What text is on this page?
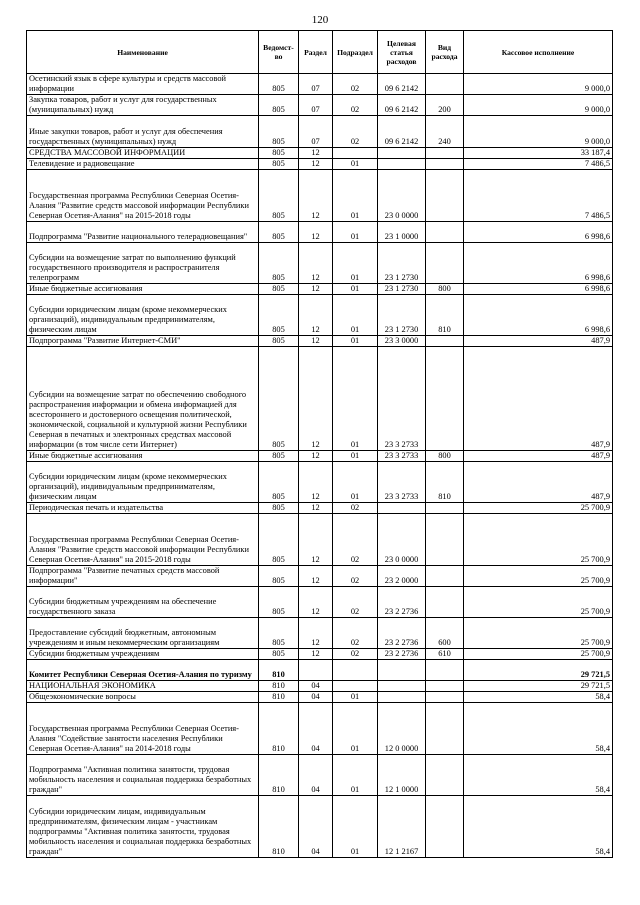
120
Наименование	Ведомст-во	Раздел	Подраздел	Целевая статья расходов	Вид расхода	Кассовое исполнение
Осетинский язык в сфере культуры и средств массовой информации	805	07	02	09 6 2142		9 000,0
Закупка товаров, работ и услуг для государственных (муниципальных) нужд	805	07	02	09 6 2142	200	9 000,0
Иные закупки товаров, работ и услуг для обеспечения государственных (муниципальных) нужд	805	07	02	09 6 2142	240	9 000,0
СРЕДСТВА МАССОВОЙ ИНФОРМАЦИИ	805	12				33 187,4
Телевидение и радиовещание	805	12	01			7 486,5
Государственная программа Республики Северная Осетия-Алания "Развитие средств массовой информации Республики Северная Осетия-Алания" на 2015-2018 годы	805	12	01	23 0 0000		7 486,5
Подпрограмма "Развитие национального телерадиовещания"	805	12	01	23 1 0000		6 998,6
Субсидии на возмещение затрат по выполнению функций государственного производителя и распространителя телепрограмм	805	12	01	23 1 2730		6 998,6
Иные бюджетные ассигнования	805	12	01	23 1 2730	800	6 998,6
Субсидии юридическим лицам (кроме некоммерческих организаций), индивидуальным предпринимателям, физическим лицам	805	12	01	23 1 2730	810	6 998,6
Подпрограмма "Развитие Интернет-СМИ"	805	12	01	23 3 0000		487,9
Субсидии на возмещение затрат по обеспечению свободного распространения информации и обмена информацией для всестороннего и достоверного освещения политической, экономической, социальной и культурной жизни Республики Северная в печатных и электронных средствах массовой информации (в том числе сети Интернет)	805	12	01	23 3 2733		487,9
Иные бюджетные ассигнования	805	12	01	23 3 2733	800	487,9
Субсидии юридическим лицам (кроме некоммерческих организаций), индивидуальным предпринимателям, физическим лицам	805	12	01	23 3 2733	810	487,9
Периодическая печать и издательства	805	12	02			25 700,9
Государственная программа Республики Северная Осетия-Алания "Развитие средств массовой информации Республики Северная Осетия-Алания" на 2015-2018 годы	805	12	02	23 0 0000		25 700,9
Подпрограмма "Развитие печатных средств массовой информации"	805	12	02	23 2 0000		25 700,9
Субсидии бюджетным учреждениям на обеспечение государственного заказа	805	12	02	23 2 2736		25 700,9
Предоставление субсидий бюджетным, автономным учреждениям и иным некоммерческим организациям	805	12	02	23 2 2736	600	25 700,9
Субсидии бюджетным учреждениям	805	12	02	23 2 2736	610	25 700,9
Комитет Республики Северная Осетия-Алания по туризму	810					29 721,5
НАЦИОНАЛЬНАЯ ЭКОНОМИКА	810	04				29 721,5
Общеэкономические вопросы	810	04	01			58,4
Государственная программа Республики Северная Осетия-Алания "Содействие занятости населения Республики Северная Осетия-Алания" на 2014-2018 годы	810	04	01	12 0 0000		58,4
Подпрограмма "Активная политика занятости, трудовая мобильность населения и социальная поддержка безработных граждан"	810	04	01	12 1 0000		58,4
Субсидии юридическим лицам, индивидуальным предпринимателям, физическим лицам - участникам подпрограммы "Активная политика занятости, трудовая мобильность населения и социальная поддержка безработных граждан"	810	04	01	12 1 2167		58,4
